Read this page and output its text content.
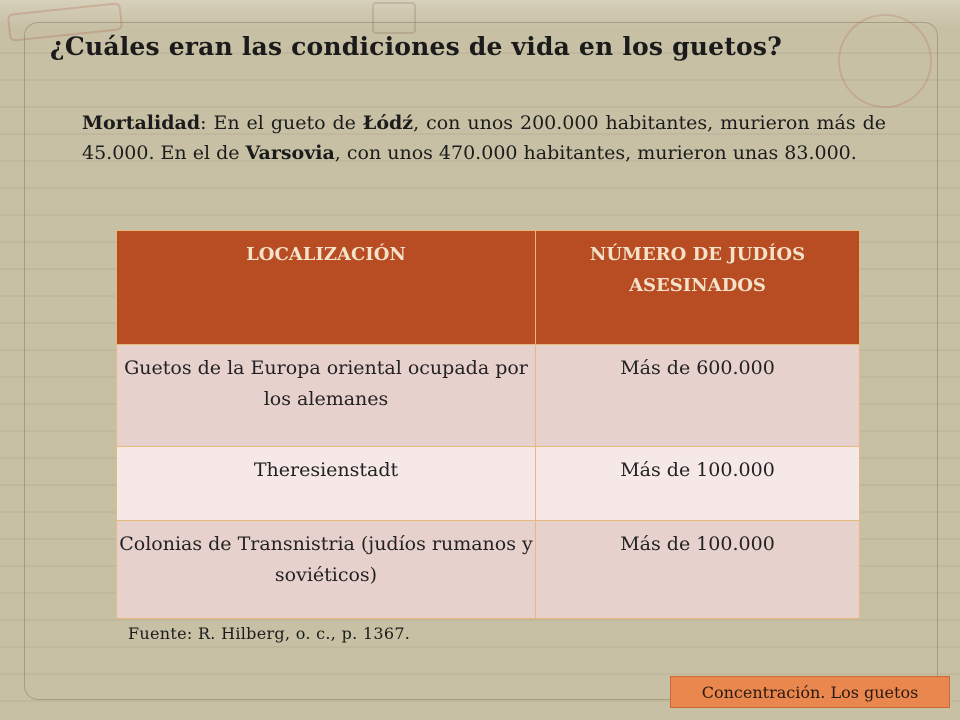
¿Cuáles eran las condiciones de vida en los guetos?
Mortalidad: En el gueto de Łódź, con unos 200.000 habitantes, murieron más de 45.000. En el de Varsovia, con unos 470.000 habitantes, murieron unas 83.000.
LOCALIZACIÓN	NÚMERO DE JUDÍOS ASESINADOS
Guetos de la Europa oriental ocupada por los alemanes	Más de 600.000
Theresienstadt	Más de 100.000
Colonias de Transnistria (judíos rumanos y soviéticos)	Más de 100.000
Fuente: R. Hilberg, o. c., p. 1367.
Concentración. Los guetos
